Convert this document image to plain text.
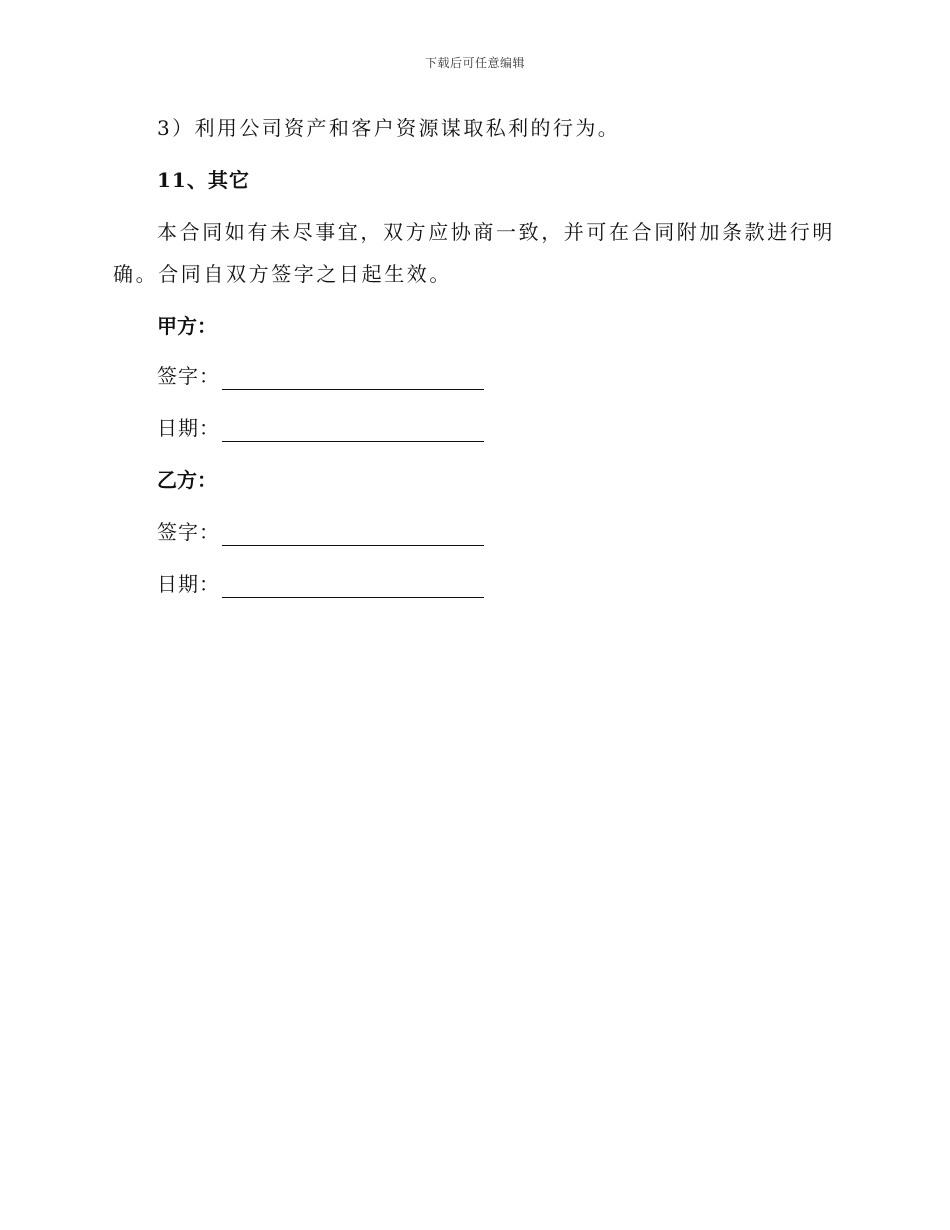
下载后可任意编辑
3）利用公司资产和客户资源谋取私利的行为。
11、其它
本合同如有未尽事宜，双方应协商一致，并可在合同附加条款进行明
确。合同自双方签字之日起生效。
甲方：
签字：
日期：
乙方：
签字：
日期：
